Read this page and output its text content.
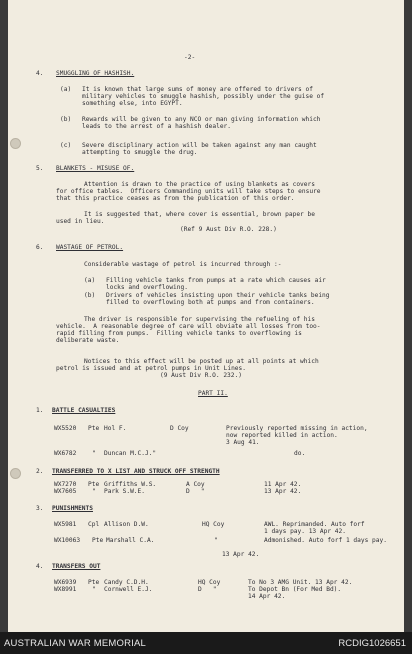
-2-
4. SMUGGLING OF HASHISH.
(a) It is known that large sums of money are offered to drivers of
military vehicles to smuggle hashish, possibly under the guise of
something else, into EGYPT.
(b) Rewards will be given to any NCO or man giving information which
leads to the arrest of a hashish dealer.
(c) Severe disciplinary action will be taken against any man caught
attempting to smuggle the drug.
5. BLANKETS - MISUSE OF.
Attention is drawn to the practice of using blankets as covers
for office tables.  Officers Commanding units will take steps to ensure
that this practice ceases as from the publication of this order.
It is suggested that, where cover is essential, brown paper be
used in lieu.
(Ref 9 Aust Div R.O. 228.)
6. WASTAGE OF PETROL.
Considerable wastage of petrol is incurred through :-
(a) Filling vehicle tanks from pumps at a rate which causes air
locks and overflowing.
(b) Drivers of vehicles insisting upon their vehicle tanks being
filled to overflowing both at pumps and from containers.
The driver is responsible for supervising the refueling of his
vehicle.  A reasonable degree of care will obviate all losses from too-
rapid filling from pumps.  Filling vehicle tanks to overflowing is
deliberate waste.
Notices to this effect will be posted up at all points at which
petrol is issued and at petrol pumps in Unit Lines.
(9 Aust Div R.O. 232.)
PART II.
1. BATTLE CASUALTIES
WX5520 Pte Hol F.	D Coy	Previously reported missing in action,
now reported killed in action.
3 Aug 41.
WX6782	" Duncan M.C.J."	do.
2. TRANSFERRED TO X LIST AND STRUCK OFF STRENGTH
WX7270 Pte Griffiths W.S.	A Coy	11 Apr 42.
WX7605	" Park S.W.E.	D   "	13 Apr 42.
3. PUNISHMENTS
WX5981 Cpl Allison D.W.	HQ Coy	AWL. Reprimanded. Auto forf
1 days pay. 13 Apr 42.
WX10063 Pte Marshall C.A.	"	Admonished. Auto forf 1 days pay.
13 Apr 42.
4. TRANSFERS OUT
WX6939 Pte Candy C.D.H.	HQ Coy	To No 3 AMG Unit. 13 Apr 42.
WX8991	" Cornwell E.J.	D   "	To Depot Bn (For Med Bd).
14 Apr 42.
AUSTRALIAN WAR MEMORIAL	RCDIG1026651
